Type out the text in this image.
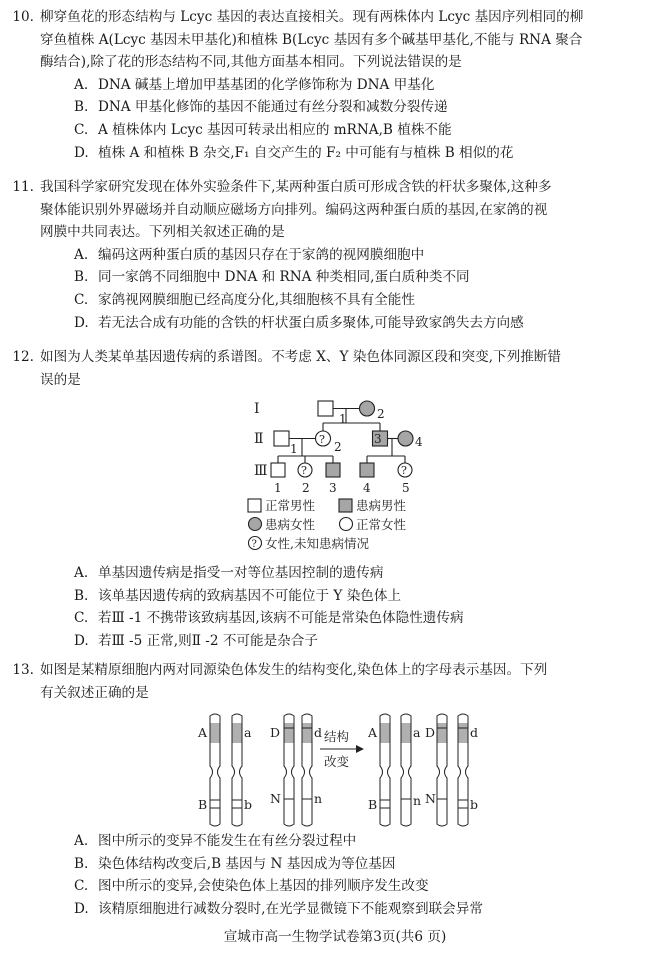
10. 柳穿鱼花的形态结构与 Lcyc 基因的表达直接相关。现有两株体内 Lcyc 基因序列相同的柳

穿鱼植株 A(Lcyc 基因未甲基化)和植株 B(Lcyc 基因有多个碱基甲基化,不能与 RNA 聚合

酶结合),除了花的形态结构不同,其他方面基本相同。下列说法错误的是

A. DNA 碱基上增加甲基基团的化学修饰称为 DNA 甲基化

B. DNA 甲基化修饰的基因不能通过有丝分裂和减数分裂传递

C. A 植株体内 Lcyc 基因可转录出相应的 mRNA,B 植株不能

D. 植株 A 和植株 B 杂交,F₁ 自交产生的 F₂ 中可能有与植株 B 相似的花

11. 我国科学家研究发现在体外实验条件下,某两种蛋白质可形成含铁的杆状多聚体,这种多

聚体能识别外界磁场并自动顺应磁场方向排列。编码这两种蛋白质的基因,在家鸽的视

网膜中共同表达。下列相关叙述正确的是

A. 编码这两种蛋白质的基因只存在于家鸽的视网膜细胞中

B. 同一家鸽不同细胞中 DNA 和 RNA 种类相同,蛋白质种类不同

C. 家鸽视网膜细胞已经高度分化,其细胞核不具有全能性

D. 若无法合成有功能的含铁的杆状蛋白质多聚体,可能导致家鸽失去方向感

12. 如图为人类某单基因遗传病的系谱图。不考虑 X、Y 染色体同源区段和突变,下列推断错

误的是

Ⅰ
1	2
Ⅱ	?
1	2
3	4
Ⅲ	?	?
1 2 3 4	5
正常男性	患病男性
患病女性	正常女性
? 女性,未知患病情况

A. 单基因遗传病是指受一对等位基因控制的遗传病

B. 该单基因遗传病的致病基因不可能位于 Y 染色体上

C. 若Ⅲ -1 不携带该致病基因,该病不可能是常染色体隐性遗传病

D. 若Ⅲ -5 正常,则Ⅱ -2 不可能是杂合子

13. 如图是某精原细胞内两对同源染色体发生的结构变化,染色体上的字母表示基因。下列

有关叙述正确的是

A
B
a
b
D
N
d
n
结构
改变
A
B
a
n
D
N
d
b

A. 图中所示的变异不能发生在有丝分裂过程中

B. 染色体结构改变后,B 基因与 N 基因成为等位基因

C. 图中所示的变异,会使染色体上基因的排列顺序发生改变

D. 该精原细胞进行减数分裂时,在光学显微镜下不能观察到联会异常

宣城市高一生物学试卷第3页(共6 页)
